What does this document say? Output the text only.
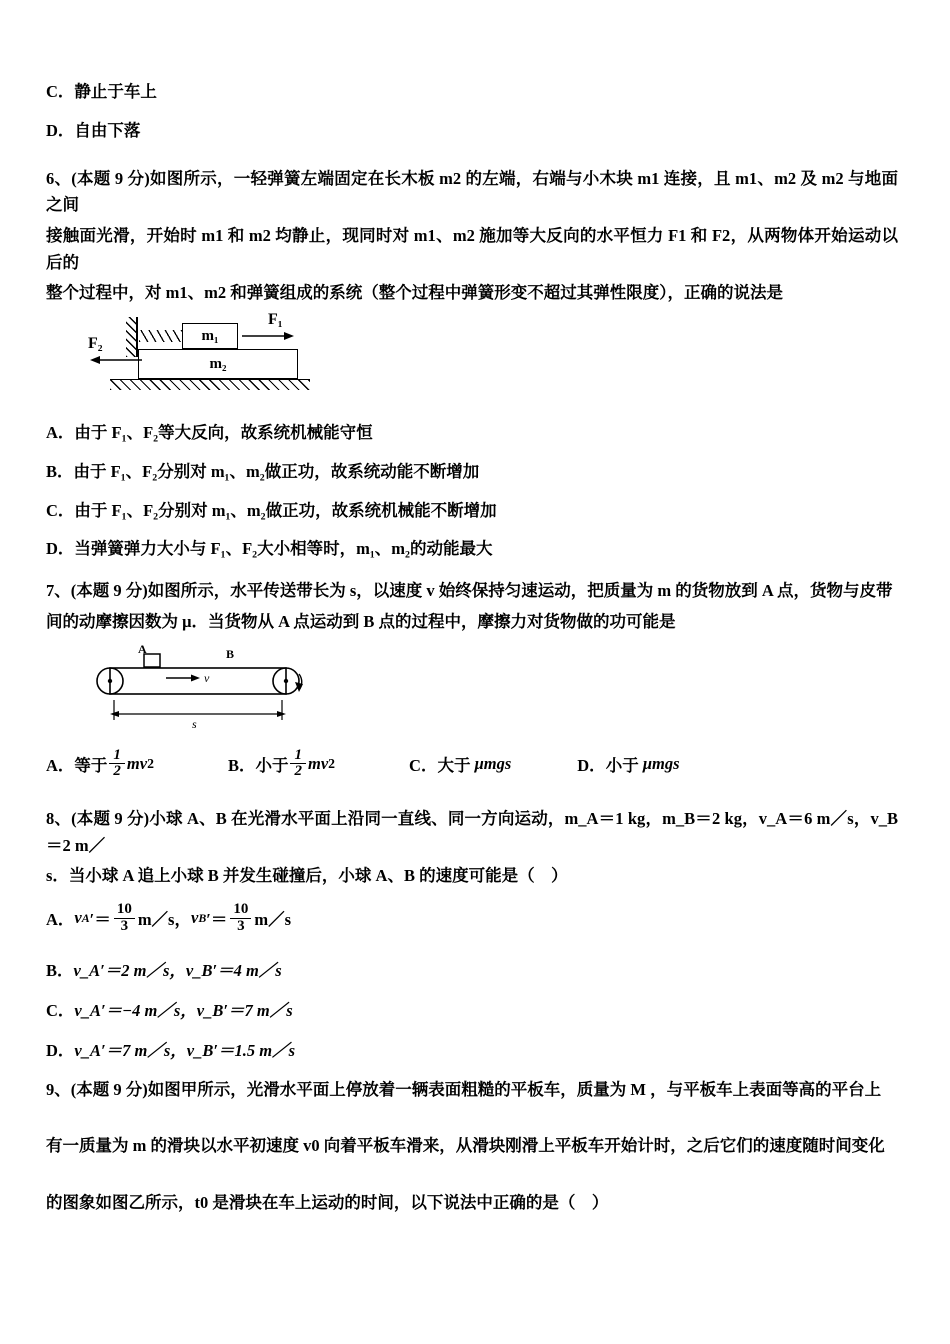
C．静止于车上

D．自由下落

6、(本题 9 分)如图所示，一轻弹簧左端固定在长木板 m2 的左端，右端与小木块 m1 连接，且 m1、m2 及 m2 与地面之间

接触面光滑，开始时 m1 和 m2 均静止，现同时对 m1、m2 施加等大反向的水平恒力 F1 和 F2，从两物体开始运动以后的

整个过程中，对 m1、m2 和弹簧组成的系统（整个过程中弹簧形变不超过其弹性限度），正确的说法是

m₁
m₂
F₁
F₂

A．由于 F₁、F₂等大反向，故系统机械能守恒

B．由于 F₁、F₂分别对 m₁、m₂做正功，故系统动能不断增加

C．由于 F₁、F₂分别对 m₁、m₂做正功，故系统机械能不断增加

D．当弹簧弹力大小与 F₁、F₂大小相等时，m₁、m₂的动能最大

7、(本题 9 分)如图所示，水平传送带长为 s，以速度 v 始终保持匀速运动，把质量为 m 的货物放到 A 点，货物与皮带

间的动摩擦因数为 μ．当货物从 A 点运动到 B 点的过程中，摩擦力对货物做的功可能是

A	B
v
s
A． 等于 $\frac{1}{2}$ mv 2	B． 小于 $\frac{1}{2}$ mv 2	C． 大于
μmgs	D． 小于
μmgs

8、(本题 9 分)小球 A、B 在光滑水平面上沿同一直线、同一方向运动，m_A＝1 kg，m_B＝2 kg，v_A＝6 m／s，v_B＝2 m／

s．当小球 A 追上小球 B 并发生碰撞后，小球 A、B 的速度可能是（　）

A． v A ′＝ $\frac{10}{3}$ m／s， v B ′＝ $\frac{10}{3}$ m／s

B．v_A′＝2 m／s，v_B′＝4 m／s

C．v_A′＝−4 m／s，v_B′＝7 m／s

D．v_A′＝7 m／s，v_B′＝1.5 m／s

9、(本题 9 分)如图甲所示，光滑水平面上停放着一辆表面粗糙的平板车，质量为 M ，与平板车上表面等高的平台上

有一质量为 m 的滑块以水平初速度 v0 向着平板车滑来，从滑块刚滑上平板车开始计时，之后它们的速度随时间变化

的图象如图乙所示，t0 是滑块在车上运动的时间，以下说法中正确的是（　）
